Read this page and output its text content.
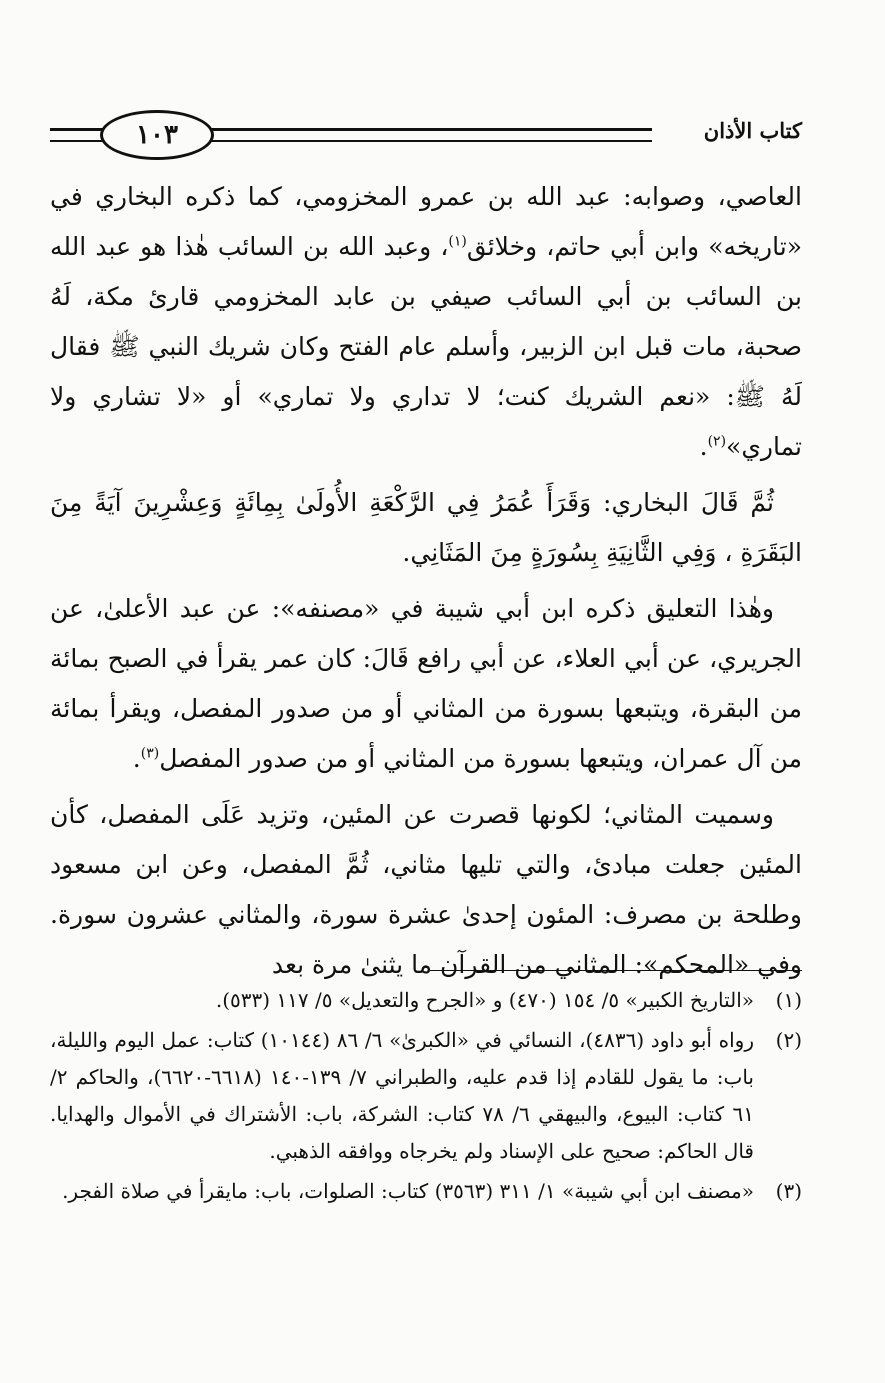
كتاب الأذان
١٠٣

العاصي، وصوابه: عبد الله بن عمرو المخزومي، كما ذكره البخاري في «تاريخه» وابن أبي حاتم، وخلائق$^{(١)}$، وعبد الله بن السائب هٰذا هو عبد الله بن السائب بن أبي السائب صيفي بن عابد المخزومي قارئ مكة، لَهُ صحبة، مات قبل ابن الزبير، وأسلم عام الفتح وكان شريك النبي ﷺ فقال لَهُ ﷺ: «نعم الشريك كنت؛ لا تداري ولا تماري» أو «لا تشاري ولا تماري»$^{(٢)}$.

ثُمَّ قَالَ البخاري: وَقَرَأَ عُمَرُ فِي الرَّكْعَةِ الأُولَىٰ بِمِائَةٍ وَعِشْرِينَ آيَةً مِنَ البَقَرَةِ ، وَفِي الثَّانِيَةِ بِسُورَةٍ مِنَ المَثَانِي.

وهٰذا التعليق ذكره ابن أبي شيبة في «مصنفه»: عن عبد الأعلىٰ، عن الجريري، عن أبي العلاء، عن أبي رافع قَالَ: كان عمر يقرأ في الصبح بمائة من البقرة، ويتبعها بسورة من المثاني أو من صدور المفصل، ويقرأ بمائة من آل عمران، ويتبعها بسورة من المثاني أو من صدور المفصل$^{(٣)}$.

وسميت المثاني؛ لكونها قصرت عن المئين، وتزيد عَلَى المفصل، كأن المئين جعلت مبادئ، والتي تليها مثاني، ثُمَّ المفصل، وعن ابن مسعود وطلحة بن مصرف: المئون إحدىٰ عشرة سورة، والمثاني عشرون سورة. وفي «المحكم»: المثاني من القرآن ما يثنىٰ مرة بعد

(١)
«التاريخ الكبير» ٥/ ١٥٤ (٤٧٠) و «الجرح والتعديل» ٥/ ١١٧ (٥٣٣).
(٢)
رواه أبو داود (٤٨٣٦)، النسائي في «الكبرىٰ» ٦/ ٨٦ (١٠١٤٤) كتاب: عمل اليوم والليلة، باب: ما يقول للقادم إذا قدم عليه، والطبراني ٧/ ١٣٩-١٤٠ (٦٦١٨-٦٦٢٠)، والحاكم ٢/ ٦١ كتاب: البيوع، والبيهقي ٦/ ٧٨ كتاب: الشركة، باب: الأشتراك في الأموال والهدايا. قال الحاكم: صحيح على الإسناد ولم يخرجاه ووافقه الذهبي.
(٣)
«مصنف ابن أبي شيبة» ١/ ٣١١ (٣٥٦٣) كتاب: الصلوات، باب: مايقرأ في صلاة الفجر.
